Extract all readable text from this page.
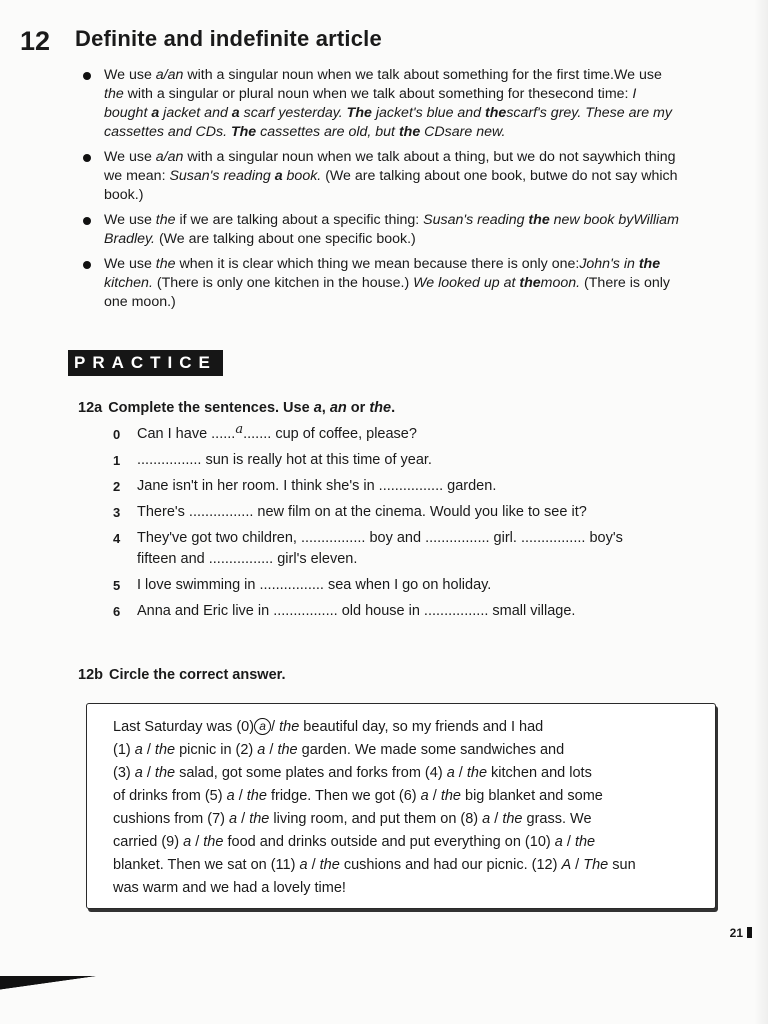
12 Definite and indefinite article
We use a/an with a singular noun when we talk about something for the first time.We use the with a singular or plural noun when we talk about something for thesecond time: I bought a jacket and a scarf yesterday. The jacket's blue and thescarf's grey. These are my cassettes and CDs. The cassettes are old, but the CDsare new.
We use a/an with a singular noun when we talk about a thing, but we do not saywhich thing we mean: Susan's reading a book. (We are talking about one book, butwe do not say which book.)
We use the if we are talking about a specific thing: Susan's reading the new book byWilliam Bradley. (We are talking about one specific book.)
We use the when it is clear which thing we mean because there is only one:John's in the kitchen. (There is only one kitchen in the house.) We looked up at themoon. (There is only one moon.)
PRACTICE
12a Complete the sentences. Use a, an or the.
0 Can I have ......a....... cup of coffee, please?
1 ................ sun is really hot at this time of year.
2 Jane isn't in her room. I think she's in ................ garden.
3 There's ................ new film on at the cinema. Would you like to see it?
4 They've got two children, ................ boy and ................ girl. ................ boy's
fifteen and ................ girl's eleven.
5 I love swimming in ................ sea when I go on holiday.
6 Anna and Eric live in ................ old house in ................ small village.
12b Circle the correct answer.

Last Saturday was (0) a / the beautiful day, so my friends and I had
(1) a / the picnic in (2) a / the garden. We made some sandwiches and
(3) a / the salad, got some plates and forks from (4) a / the kitchen and lots
of drinks from (5) a / the fridge. Then we got (6) a / the big blanket and some
cushions from (7) a / the living room, and put them on (8) a / the grass. We
carried (9) a / the food and drinks outside and put everything on (10) a / the
blanket. Then we sat on (11) a / the cushions and had our picnic. (12) A / The sun
was warm and we had a lovely time!

21
